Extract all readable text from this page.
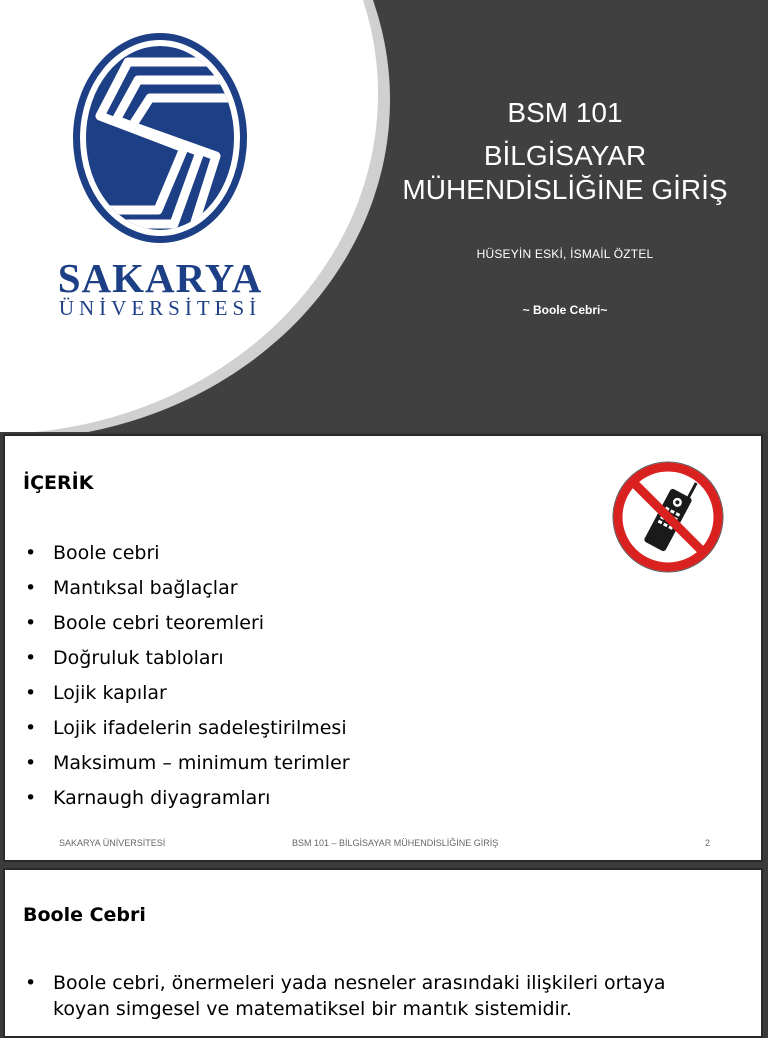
SAKARYA
ÜNİVERSİTESİ
BSM 101
BİLGİSAYAR MÜHENDİSLİĞİNE GİRİŞ
HÜSEYİN ESKİ, İSMAİL ÖZTEL
~ Boole Cebri~
İÇERİK
• Boole cebri
• Mantıksal bağlaçlar
• Boole cebri teoremleri
• Doğruluk tabloları
• Lojik kapılar
• Lojik ifadelerin sadeleştirilmesi
• Maksimum – minimum terimler
• Karnaugh diyagramları
SAKARYA ÜNİVERSİTESİ	BSM 101 – BİLGİSAYAR MÜHENDİSLİĞİNE GİRİŞ	2
Boole Cebri
• Boole cebri, önermeleri yada nesneler arasındaki ilişkileri ortaya koyan simgesel ve matematiksel bir mantık sistemidir.
